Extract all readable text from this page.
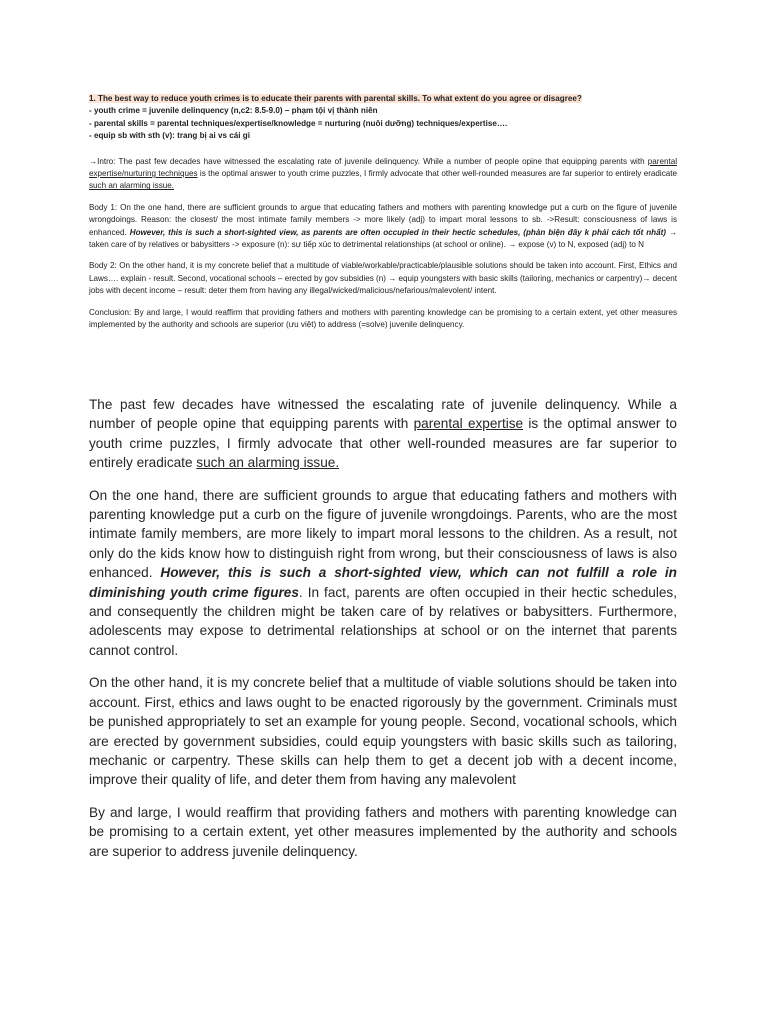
1. The best way to reduce youth crimes is to educate their parents with parental skills. To what extent do you agree or disagree?

- youth crime = juvenile delinquency (n,c2: 8.5-9.0) – phạm tội vị thành niên

- parental skills = parental techniques/expertise/knowledge = nurturing (nuôi dưỡng) techniques/expertise….

- equip sb with sth (v): trang bị ai vs cái gì

→Intro: The past few decades have witnessed the escalating rate of juvenile delinquency. While a number of people opine that equipping parents with parental expertise/nurturing techniques is the optimal answer to youth crime puzzles, I firmly advocate that other well-rounded measures are far superior to entirely eradicate such an alarming issue.

Body 1: On the one hand, there are sufficient grounds to argue that educating fathers and mothers with parenting knowledge put a curb on the figure of juvenile wrongdoings. Reason: the closest/ the most intimate family members -> more likely (adj) to impart moral lessons to sb. ->Result: consciousness of laws is enhanced. However, this is such a short-sighted view, as parents are often occupied in their hectic schedules, (phản biện đây k phải cách tốt nhất) → taken care of by relatives or babysitters -> exposure (n): sự tiếp xúc to detrimental relationships (at school or online). → expose (v) to N, exposed (adj) to N

Body 2: On the other hand, it is my concrete belief that a multitude of viable/workable/practicable/plausible solutions should be taken into account. First, Ethics and Laws…. explain - result. Second, vocational schools – erected by gov subsidies (n) → equip youngsters with basic skills (tailoring, mechanics or carpentry)→ decent jobs with decent income – result: deter them from having any illegal/wicked/malicious/nefarious/malevolent/ intent.

Conclusion: By and large, I would reaffirm that providing fathers and mothers with parenting knowledge can be promising to a certain extent, yet other measures implemented by the authority and schools are superior (ưu việt) to address (=solve) juvenile delinquency.

The past few decades have witnessed the escalating rate of juvenile delinquency. While a number of people opine that equipping parents with parental expertise is the optimal answer to youth crime puzzles, I firmly advocate that other well-rounded measures are far superior to entirely eradicate such an alarming issue.

On the one hand, there are sufficient grounds to argue that educating fathers and mothers with parenting knowledge put a curb on the figure of juvenile wrongdoings. Parents, who are the most intimate family members, are more likely to impart moral lessons to the children. As a result, not only do the kids know how to distinguish right from wrong, but their consciousness of laws is also enhanced. However, this is such a short-sighted view, which can not fulfill a role in diminishing youth crime figures. In fact, parents are often occupied in their hectic schedules, and consequently the children might be taken care of by relatives or babysitters. Furthermore, adolescents may expose to detrimental relationships at school or on the internet that parents cannot control.

On the other hand, it is my concrete belief that a multitude of viable solutions should be taken into account. First, ethics and laws ought to be enacted rigorously by the government. Criminals must be punished appropriately to set an example for young people. Second, vocational schools, which are erected by government subsidies, could equip youngsters with basic skills such as tailoring, mechanic or carpentry. These skills can help them to get a decent job with a decent income, improve their quality of life, and deter them from having any malevolent

By and large, I would reaffirm that providing fathers and mothers with parenting knowledge can be promising to a certain extent, yet other measures implemented by the authority and schools are superior to address juvenile delinquency.
